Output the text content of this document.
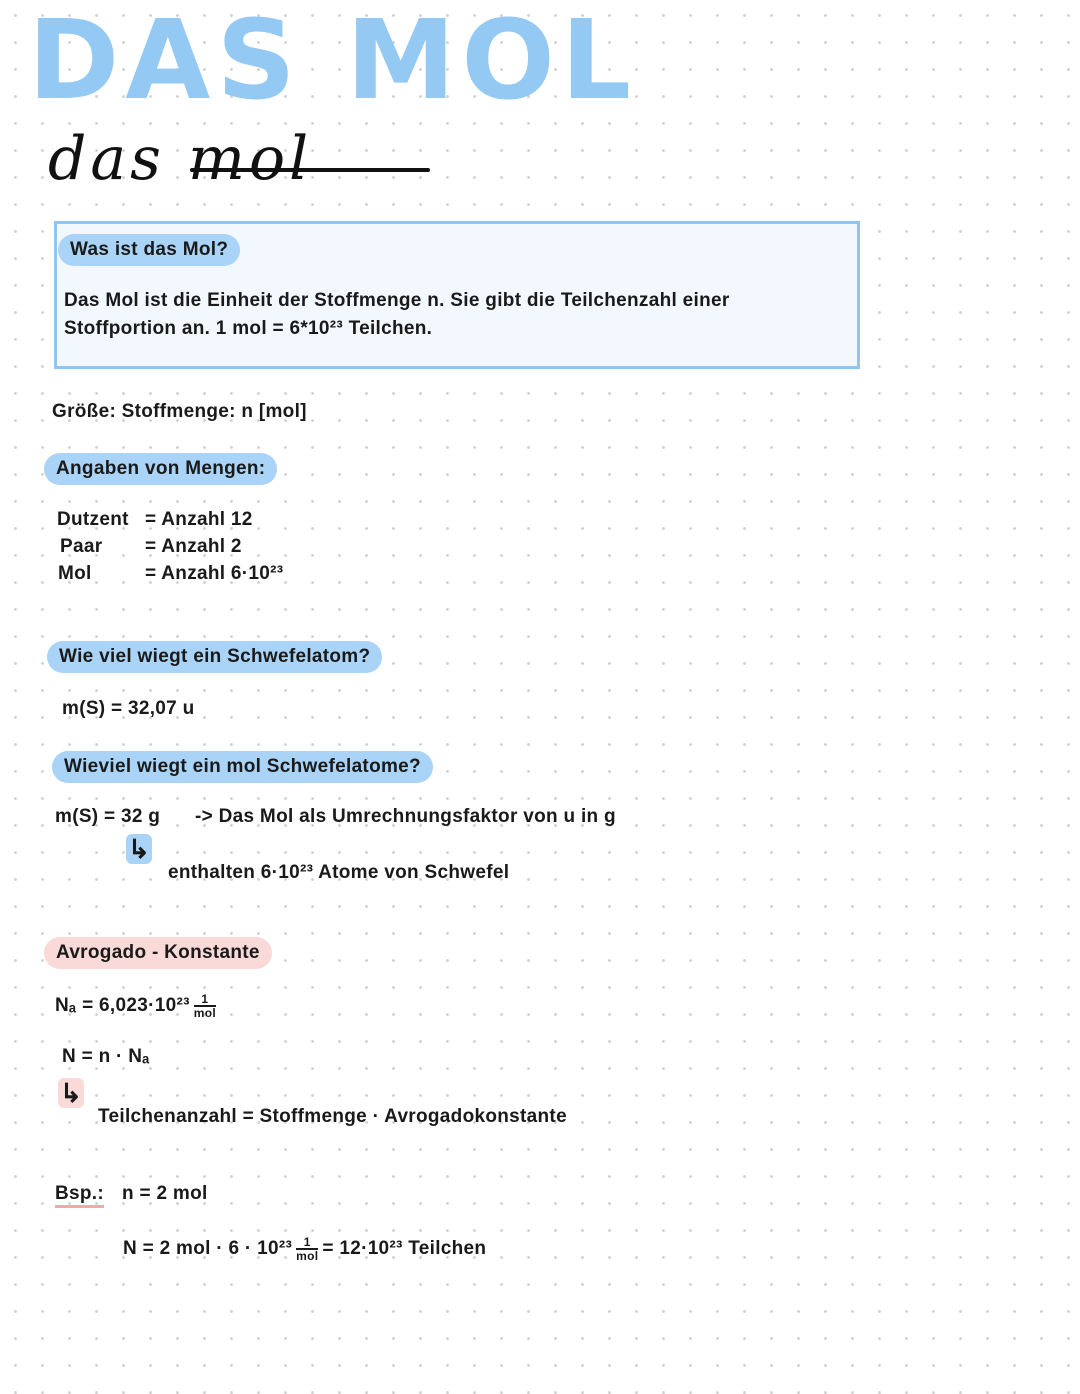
DAS MOL
das mol
Was ist das Mol?
Das Mol ist die Einheit der Stoffmenge n. Sie gibt die Teilchenzahl einer
Stoffportion an. 1 mol = 6*10²³ Teilchen.
Größe: Stoffmenge: n [mol]
Angaben von Mengen:
Dutzent = Anzahl 12
Paar = Anzahl 2
Mol	= Anzahl 6·10²³
Wie viel wiegt ein Schwefelatom?
m(S) = 32,07 u
Wieviel wiegt ein mol Schwefelatome?
m(S) = 32 g -> Das Mol als Umrechnungsfaktor von u in g
↳
enthalten 6·10²³ Atome von Schwefel
Avrogado - Konstante
$N_a = 6,023\cdot 10^{23} \frac{1}{\text{mol}}$
N = n · Nₐ
↳
Teilchenanzahl = Stoffmenge · Avrogadokonstante
Bsp.: n = 2 mol
N = 2 mol · $6 \cdot 10^{23} \frac{1}{\text{mol}} = 12\cdot 10^{23}$ Teilchen
